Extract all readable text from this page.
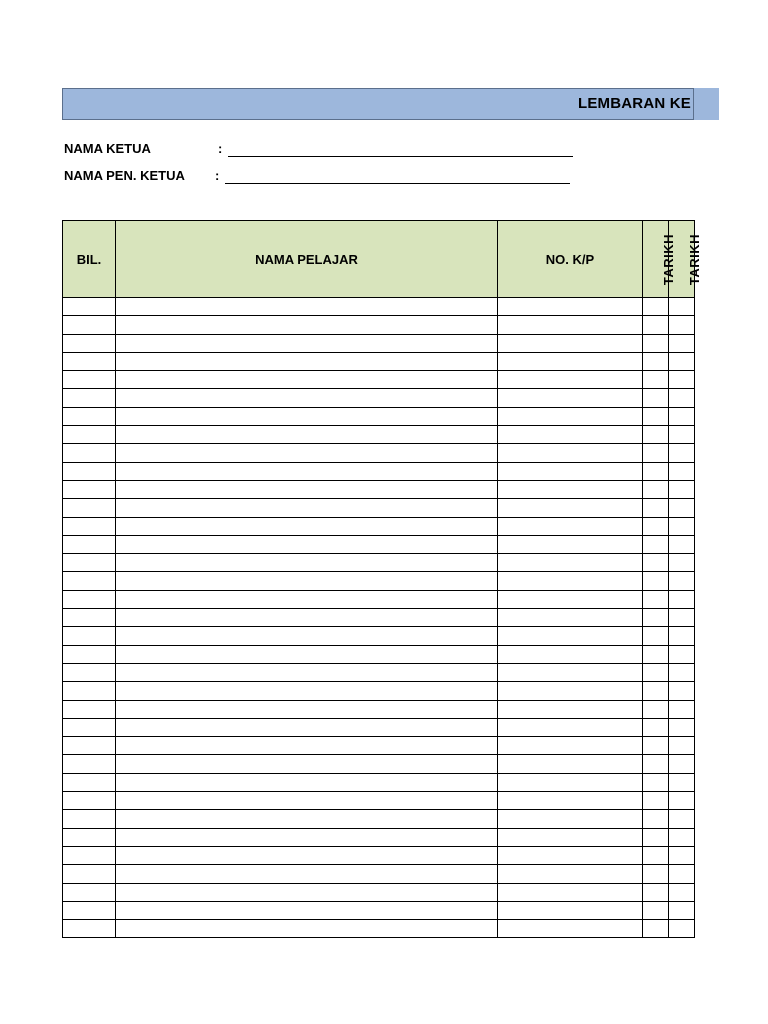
LEMBARAN KE
NAMA KETUA	:
NAMA PEN. KETUA :
BIL.	NAMA PELAJAR	NO. K/P	TARIKH	TARIKH
